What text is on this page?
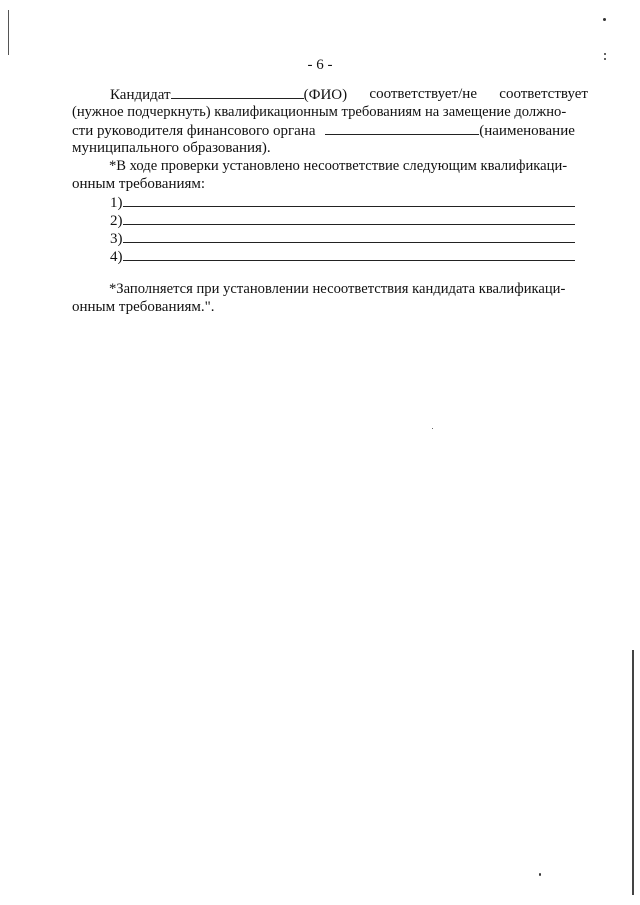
- 6 -
Кандидат	(ФИО) соответствует/не соответствует
(нужное подчеркнуть) квалификационным требованиям на замещение должно-
сти руководителя финансового органа	(наименование
муниципального образования).
*В ходе проверки установлено несоответствие следующим квалификаци-
онным требованиям:
1)
2)
3)
4)
*Заполняется при установлении несоответствия кандидата квалификаци-
онным требованиям.".
